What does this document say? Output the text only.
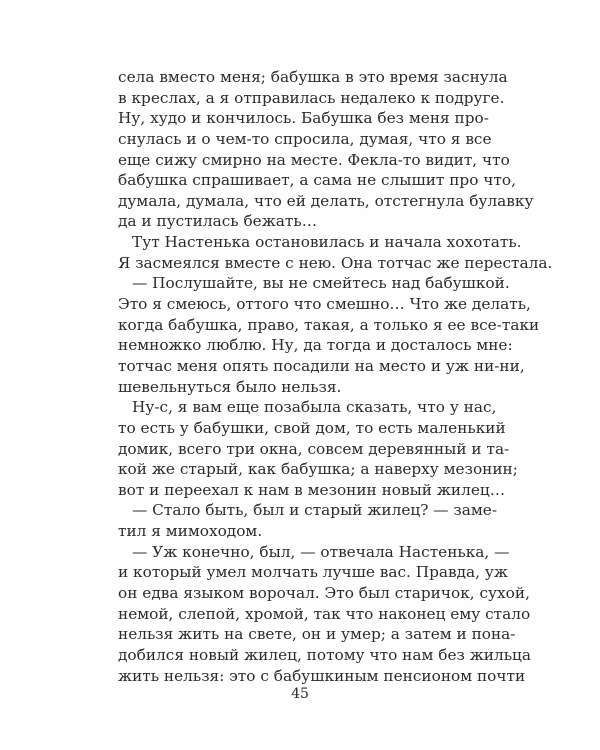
села вместо меня; бабушка в это время заснула
в креслах, а я отправилась недалеко к подруге.
Ну, худо и кончилось. Бабушка без меня про-
снулась и о чем-то спросила, думая, что я все
еще сижу смирно на месте. Фекла-то видит, что
бабушка спрашивает, а сама не слышит про что,
думала, думала, что ей делать, отстегнула булавку
да и пустилась бежать…
Тут Настенька остановилась и начала хохотать.
Я засмеялся вместе с нею. Она тотчас же перестала.
— Послушайте, вы не смейтесь над бабушкой.
Это я смеюсь, оттого что смешно… Что же делать,
когда бабушка, право, такая, а только я ее все-таки
немножко люблю. Ну, да тогда и досталось мне:
тотчас меня опять посадили на место и уж ни-ни,
шевельнуться было нельзя.
Ну-с, я вам еще позабыла сказать, что у нас,
то есть у бабушки, свой дом, то есть маленький
домик, всего три окна, совсем деревянный и та-
кой же старый, как бабушка; а наверху мезонин;
вот и переехал к нам в мезонин новый жилец…
— Стало быть, был и старый жилец? — заме-
тил я мимоходом.
— Уж конечно, был, — отвечала Настенька, —
и который умел молчать лучше вас. Правда, уж
он едва языком ворочал. Это был старичок, сухой,
немой, слепой, хромой, так что наконец ему стало
нельзя жить на свете, он и умер; а затем и пона-
добился новый жилец, потому что нам без жильца
жить нельзя: это с бабушкиным пенсионом почти
45
